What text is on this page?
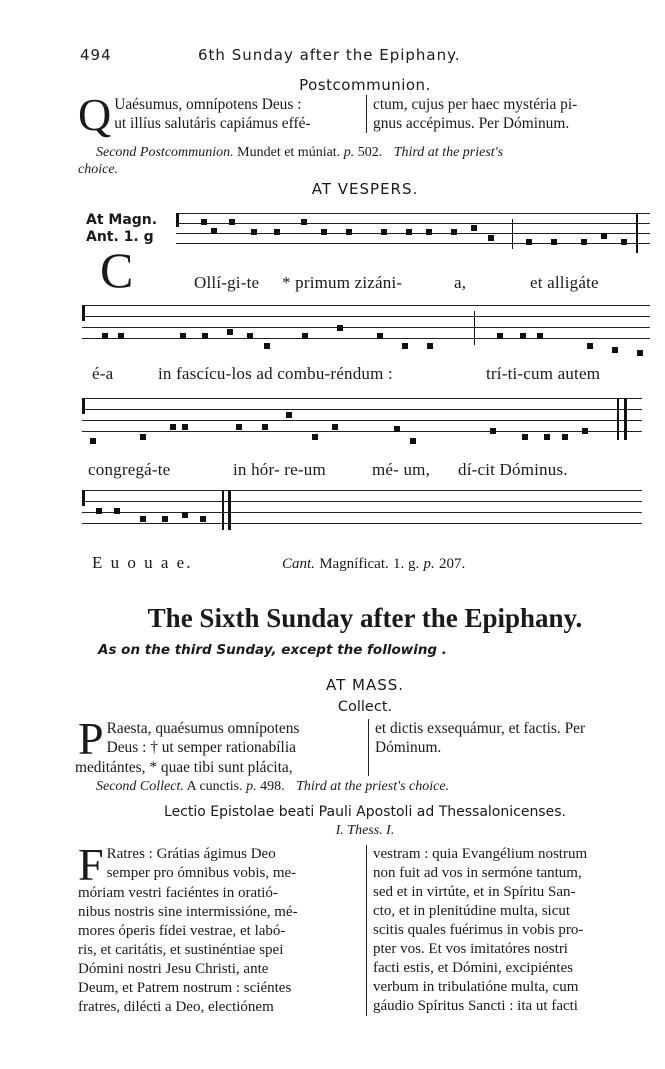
494	6th Sunday after the Epiphany.
Postcommunion.
Q Uaésumus, omnípotens Deus :
ut illíus salutáris capiámus effé-
ctum, cujus per haec mystéria pi-
gnus accépimus. Per Dóminum.
Second Postcommunion. Mundet et múniat. p. 502. Third at the priest's
choice.
AT VESPERS.
At Magn.
Ant. 1. g
C	Ollí-gi-te * primum zizáni-	a,	et alligáte
é-a	in fascícu-los ad combu-réndum :	trí-ti-cum autem
congregá-te	in hór- re-um	mé- um, dí-cit Dóminus.
E u o u a e.	Cant.
Magníficat.
1. g.
p.
207.
The Sixth Sunday after the Epiphany.
As on the third Sunday, except the following .
AT MASS.
Collect.
P Raesta, quaésumus omnípotens
Deus : † ut semper rationabília
meditántes, * quae tibi sunt plácita,
et dictis exsequámur, et factis. Per
Dóminum.
Second Collect. A cunctis. p. 498. Third at the priest's choice.
Lectio Epistolae beati Pauli Apostoli ad Thessalonicenses.
I. Thess. I.
F Ratres : Grátias ágimus Deo
semper pro ómnibus vobis, me-
móriam vestri faciéntes in oratió-
nibus nostris sine intermissióne, mé-
mores óperis fídei vestrae, et labó-
ris, et caritátis, et sustinéntiae spei
Dómini nostri Jesu Christi, ante
Deum, et Patrem nostrum : sciéntes
fratres, dilécti a Deo, electiónem
vestram : quia Evangélium nostrum
non fuit ad vos in sermóne tantum,
sed et in virtúte, et in Spíritu San-
cto, et in plenitúdine multa, sicut
scitis quales fuérimus in vobis pro-
pter vos. Et vos imitatóres nostri
facti estis, et Dómini, excipiéntes
verbum in tribulatióne multa, cum
gáudio Spíritus Sancti : ita ut facti
